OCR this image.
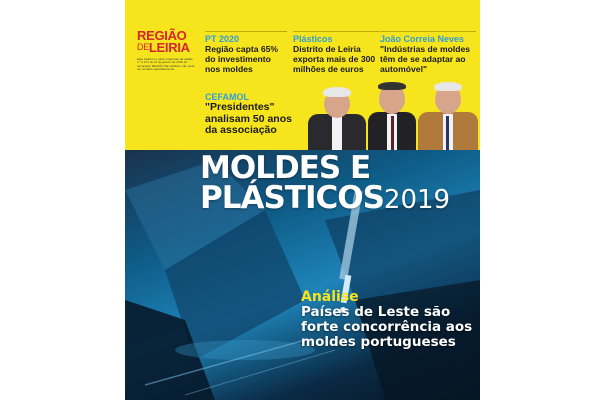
REGIÃO
DELEIRIA
Este caderno é parte integrante da edição n.º 4.271 de 21 de janeiro de 2019 do semanário REGIÃO DE LEIRIA e não pode ser vendido separadamente
PT 2020
Região capta 65% do investimento nos moldes
Plásticos
Distrito de Leiria exporta mais de 300 milhões de euros
João Correia Neves
"Indústrias de moldes têm de se adaptar ao automóvel"
CEFAMOL
"Presidentes" analisam 50 anos da associação
MOLDES E
PLÁSTICOS2019
Análise
Países de Leste são forte concorrência aos moldes portugueses
